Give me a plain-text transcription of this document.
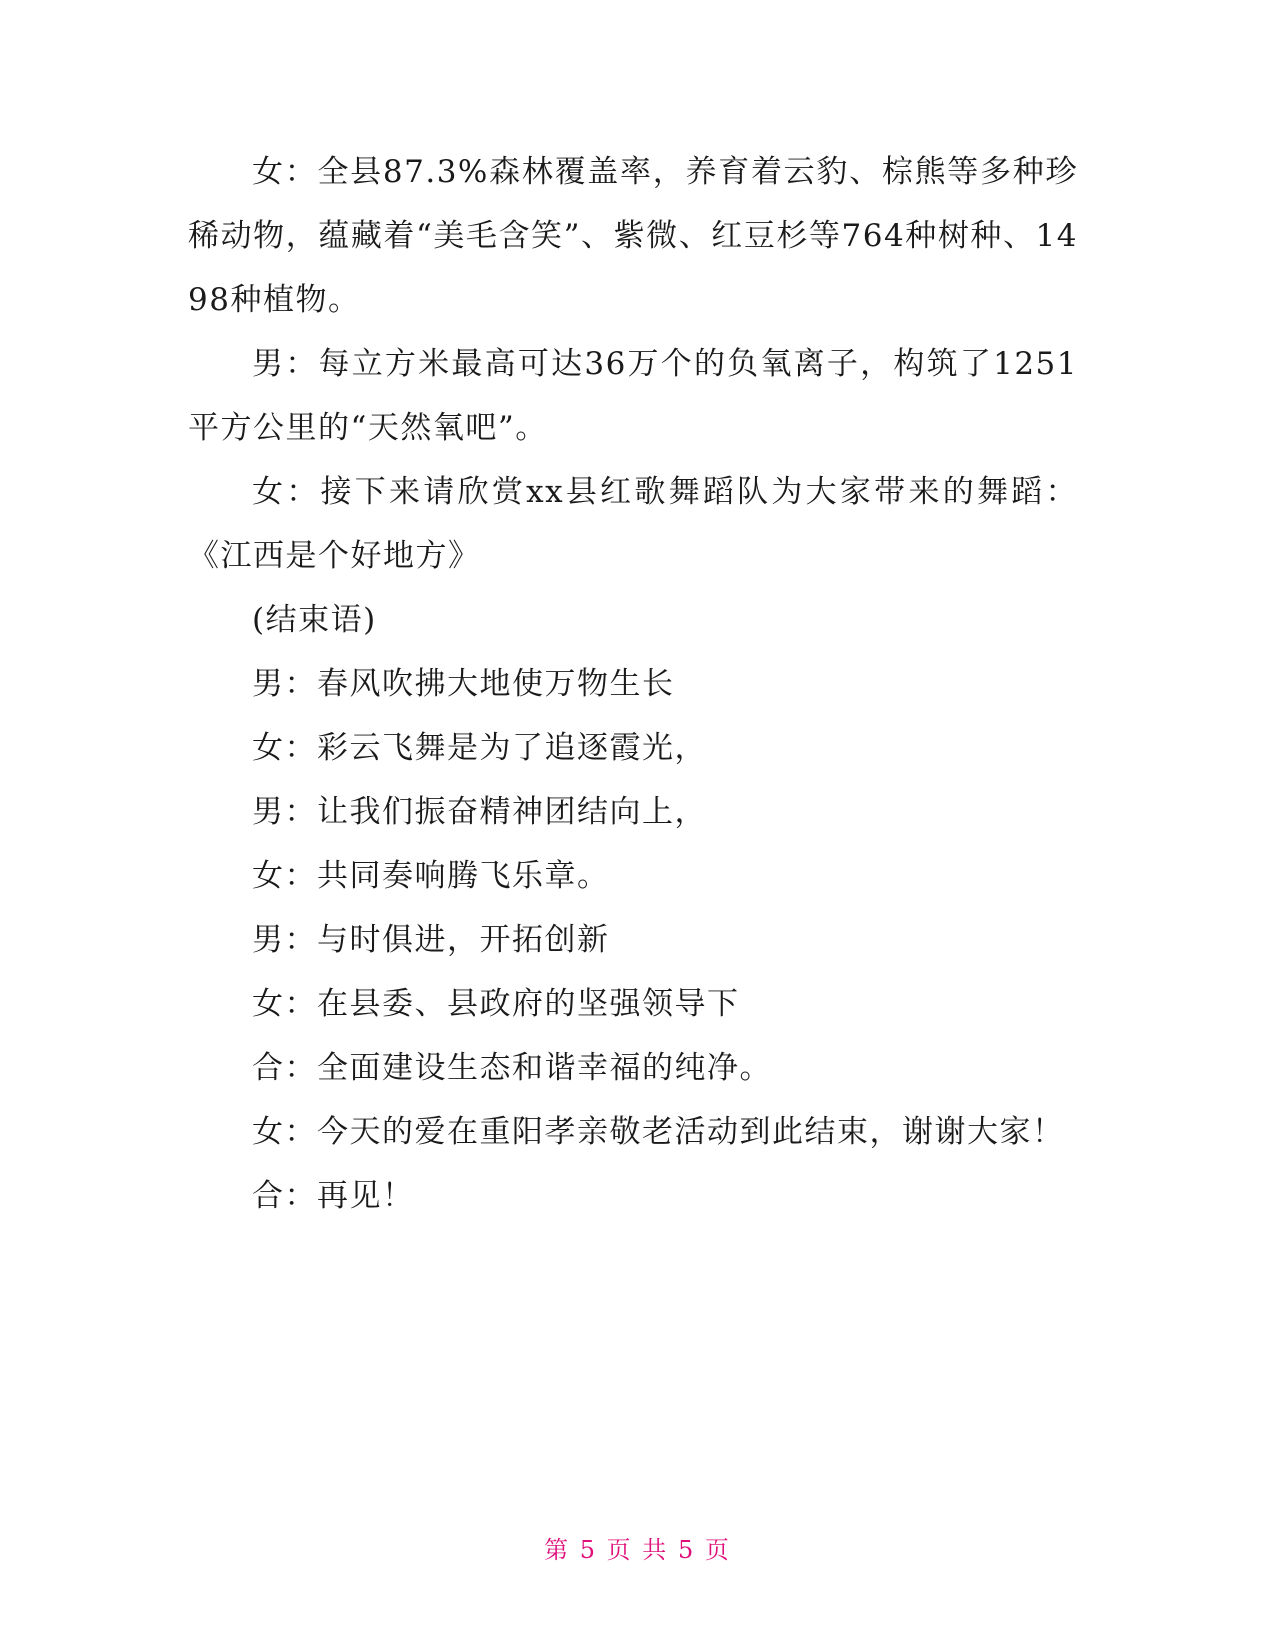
女：全县87.3%森林覆盖率，养育着云豹、棕熊等多种珍稀动物，蕴藏着“美毛含笑”、紫微、红豆杉等764种树种、1498种植物。

男：每立方米最高可达36万个的负氧离子，构筑了1251平方公里的“天然氧吧”。

女：接下来请欣赏xx县红歌舞蹈队为大家带来的舞蹈：《江西是个好地方》

(结束语)

男：春风吹拂大地使万物生长

女：彩云飞舞是为了追逐霞光，

男：让我们振奋精神团结向上，

女：共同奏响腾飞乐章。

男：与时俱进，开拓创新

女：在县委、县政府的坚强领导下

合：全面建设生态和谐幸福的纯净。

女：今天的爱在重阳孝亲敬老活动到此结束，谢谢大家！

合：再见！

第 5 页 共 5 页
